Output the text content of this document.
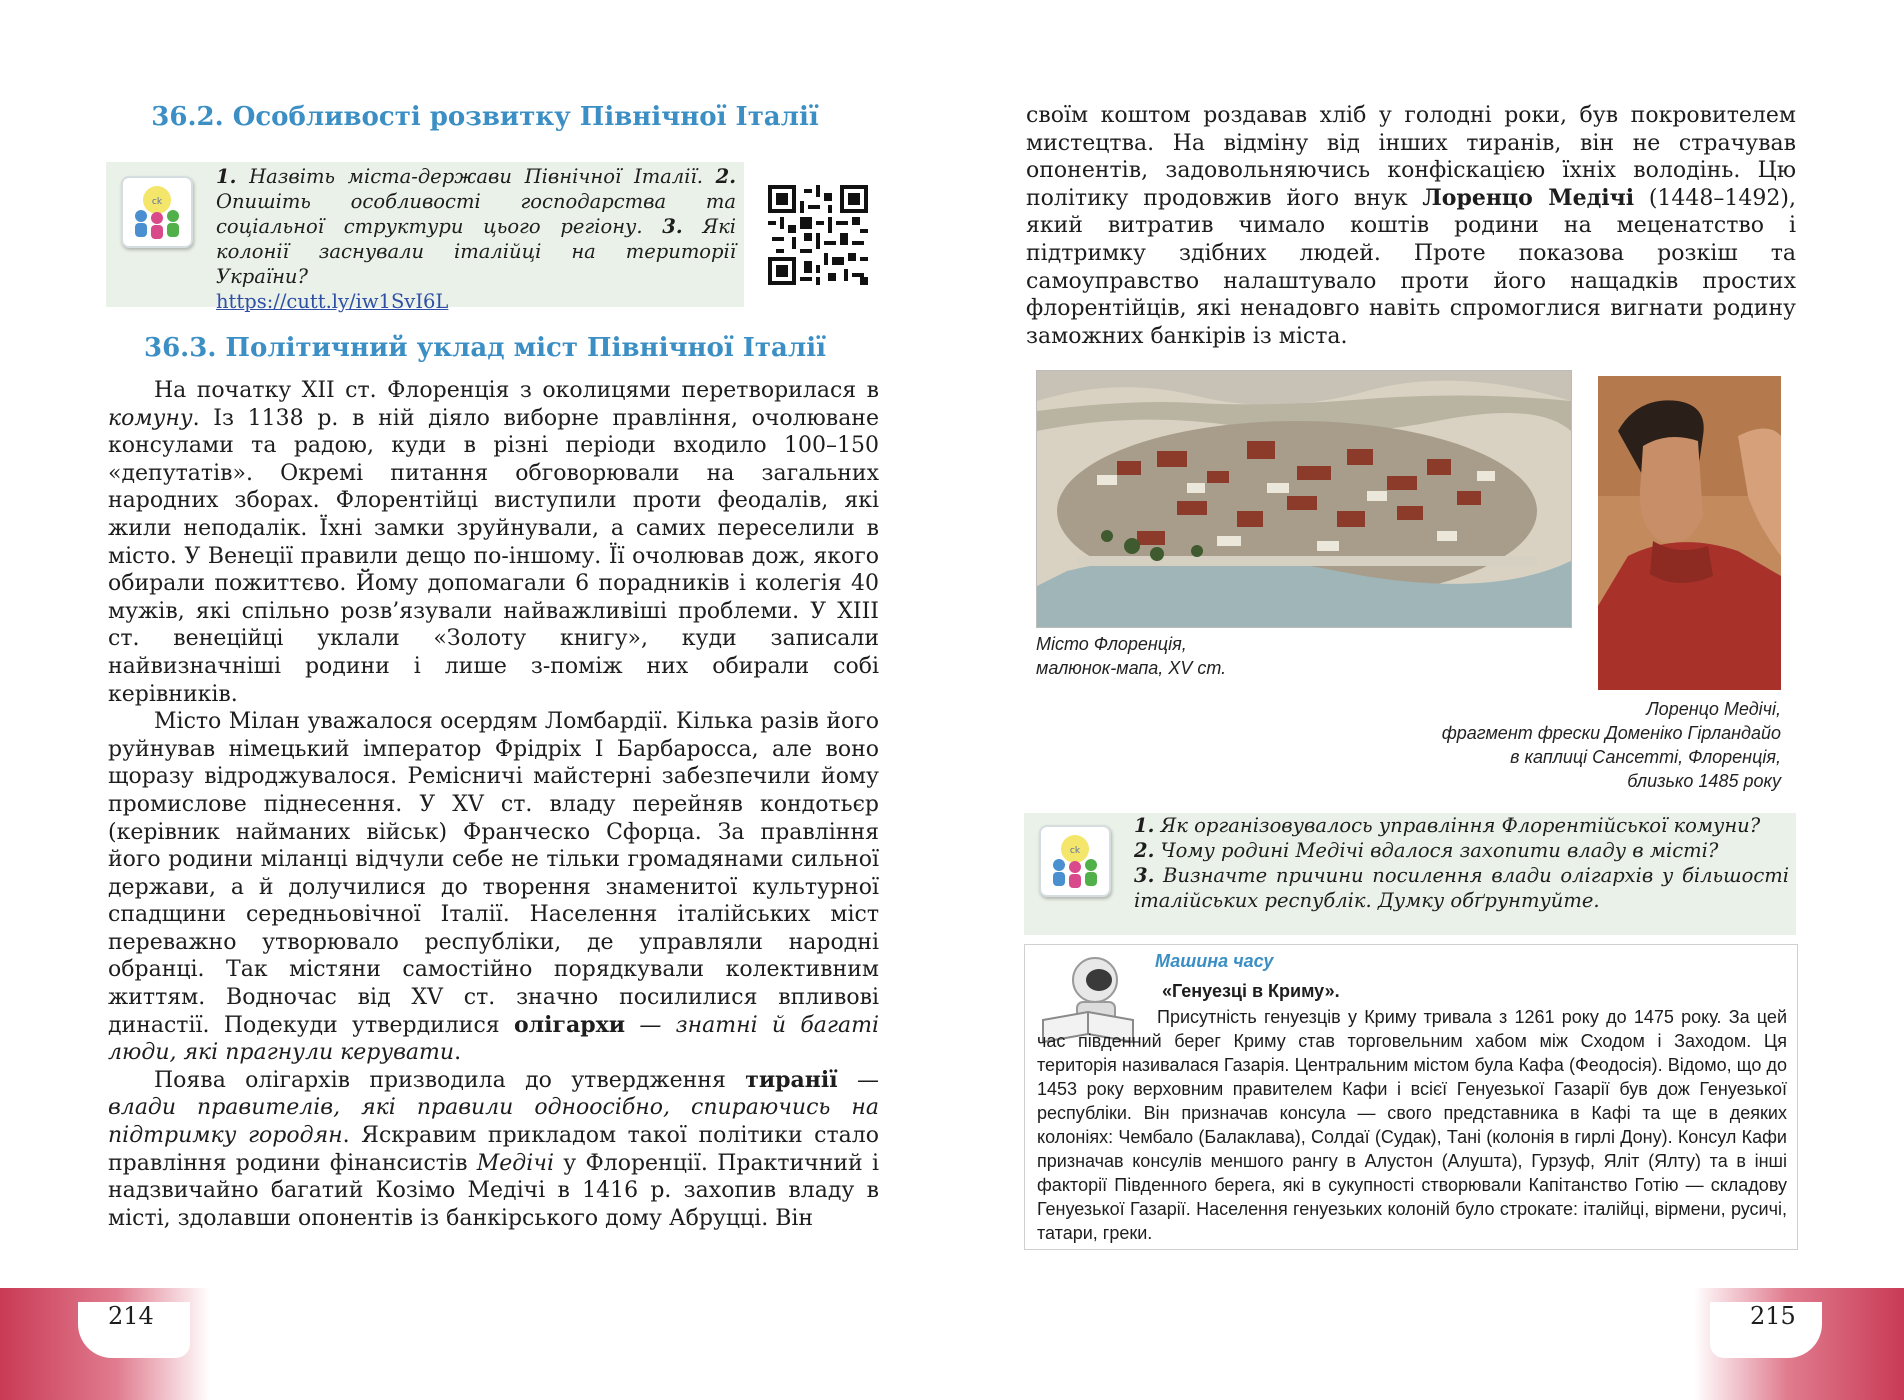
36.2. Особливості розвитку Північної Італії
ck
1. Назвіть міста-держави Північної Італії. 2. Опишіть особливості господарства та соціальної структури цього регіону. 3. Які колонії заснували італійці на території України?
https://cutt.ly/iw1SvI6L
36.3. Політичний уклад міст Північної Італії

На початку XII ст. Флоренція з околицями перетворилася в комуну. Із 1138 р. в ній діяло виборне правління, очолюване консулами та радою, куди в різні періоди входило 100–150 «депутатів». Окремі питання обговорювали на загальних народних зборах. Флорентійці виступили проти феодалів, які жили неподалік. Їхні замки зруйнували, а самих переселили в місто. У Венеції правили дещо по-іншому. Її очолював дож, якого обирали пожиттєво. Йому допомагали 6 порадників і колегія 40 мужів, які спільно розв’язували найважливіші проблеми. У XIII ст. венеційці уклали «Золоту книгу», куди записали найвизначніші родини і лише з-поміж них обирали собі керівників.

Місто Мілан уважалося осердям Ломбардії. Кілька разів його руйнував німецький імператор Фрідріх I Барбаросса, але воно щоразу відроджувалося. Ремісничі майстерні забезпечили йому промислове піднесення. У XV ст. владу перейняв кондотьєр (керівник найманих військ) Франческо Сфорца. За правління його родини міланці відчули себе не тільки громадянами сильної держави, а й долучилися до творення знаменитої культурної спадщини середньовічної Італії. Населення італійських міст переважно утворювало республіки, де управляли народні обранці. Так містяни самостійно порядкували колективним життям. Водночас від XV ст. значно посилилися впливові династії. Подекуди утвердилися олігархи — знатні й багаті люди, які прагнули керувати.

Поява олігархів призводила до утвердження тиранії — влади правителів, які правили одноосібно, спираючись на підтримку городян. Яскравим прикладом такої політики стало правління родини фінансистів Медічі у Флоренції. Практичний і надзвичайно багатий Козімо Медічі в 1416 р. захопив владу в місті, здолавши опонентів із банкірського дому Абруцці. Він

своїм коштом роздавав хліб у голодні роки, був покровителем мистецтва. На відміну від інших тиранів, він не страчував опонентів, задовольняючись конфіскацією їхніх володінь. Цю політику продовжив його внук Лоренцо Медічі (1448–1492), який витратив чимало коштів родини на меценатство і підтримку здібних людей. Проте показова розкіш та самоуправство налаштувало проти його нащадків простих флорентійців, які ненадовго навіть спромоглися вигнати родину заможних банкірів із міста.

Місто Флоренція,
малюнок-мапа, XV ст.
Лоренцо Медічі,
фрагмент фрески Доменіко Гірландайо
в каплиці Сансетті, Флоренція,
близько 1485 року
ck
1. Як організовувалось управління Флорентійської комуни?
2. Чому родині Медічі вдалося захопити владу в місті?
3. Визначте причини посилення влади олігархів у більшості італійських республік. Думку обґрунтуйте.
Машина часу
«Генуезці в Криму».
Присутність генуезців у Криму тривала з 1261 року до 1475 року. За цей час південний берег Криму став торговельним хабом між Сходом і Заходом. Ця територія називалася Газарія. Центральним містом була Кафа (Феодосія). Відомо, що до 1453 року верховним правителем Кафи і всієї Генуезької Газарії був дож Генуезької республіки. Він призначав консула — свого представника в Кафі та ще в деяких колоніях: Чембало (Балаклава), Солдаї (Судак), Тані (колонія в гирлі Дону). Консул Кафи призначав консулів меншого рангу в Алустон (Алушта), Гурзуф, Ялiт (Ялту) та в інші фактoрії Південного берега, які в сукупності створювали Капітанство Готію — складову Генуезької Газарії. Населення генуезьких колоній було строкате: італійці, вірмени, русичі, татари, греки.
214	215
